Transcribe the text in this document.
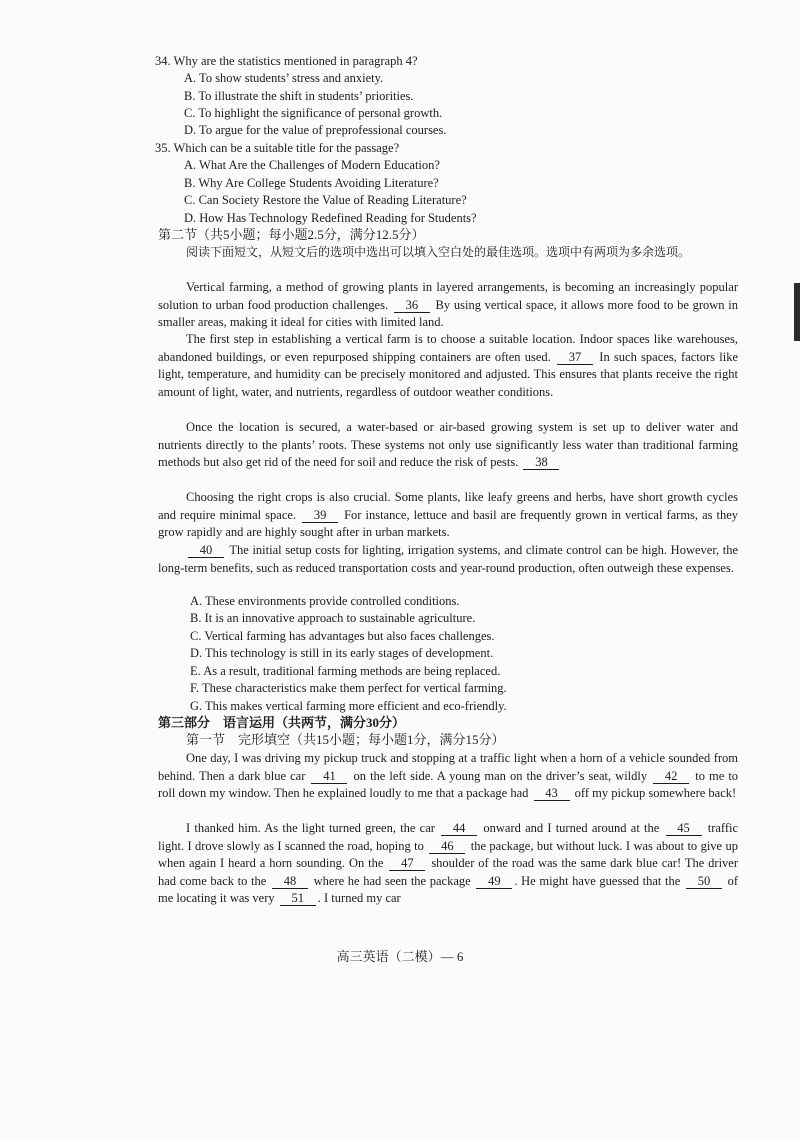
34. Why are the statistics mentioned in paragraph 4?
A. To show students’ stress and anxiety.
B. To illustrate the shift in students’ priorities.
C. To highlight the significance of personal growth.
D. To argue for the value of preprofessional courses.
35. Which can be a suitable title for the passage?
A. What Are the Challenges of Modern Education?
B. Why Are College Students Avoiding Literature?
C. Can Society Restore the Value of Reading Literature?
D. How Has Technology Redefined Reading for Students?
第二节（共5小题；每小题2.5分，满分12.5分）
阅读下面短文，从短文后的选项中选出可以填入空白处的最佳选项。选项中有两项为多余选项。
Vertical farming, a method of growing plants in layered arrangements, is becoming an increasingly popular solution to urban food production challenges. 36 By using vertical space, it allows more food to be grown in smaller areas, making it ideal for cities with limited land.
The first step in establishing a vertical farm is to choose a suitable location. Indoor spaces like warehouses, abandoned buildings, or even repurposed shipping containers are often used. 37 In such spaces, factors like light, temperature, and humidity can be precisely monitored and adjusted. This ensures that plants receive the right amount of light, water, and nutrients, regardless of outdoor weather conditions.
Once the location is secured, a water-based or air-based growing system is set up to deliver water and nutrients directly to the plants’ roots. These systems not only use significantly less water than traditional farming methods but also get rid of the need for soil and reduce the risk of pests. 38
Choosing the right crops is also crucial. Some plants, like leafy greens and herbs, have short growth cycles and require minimal space. 39 For instance, lettuce and basil are frequently grown in vertical farms, as they grow rapidly and are highly sought after in urban markets.
40 The initial setup costs for lighting, irrigation systems, and climate control can be high. However, the long-term benefits, such as reduced transportation costs and year-round production, often outweigh these expenses.
A. These environments provide controlled conditions.
B. It is an innovative approach to sustainable agriculture.
C. Vertical farming has advantages but also faces challenges.
D. This technology is still in its early stages of development.
E. As a result, traditional farming methods are being replaced.
F. These characteristics make them perfect for vertical farming.
G. This makes vertical farming more efficient and eco-friendly.
第三部分　语言运用（共两节，满分30分）
第一节　完形填空（共15小题；每小题1分，满分15分）
One day, I was driving my pickup truck and stopping at a traffic light when a horn of a vehicle sounded from behind. Then a dark blue car 41 on the left side. A young man on the driver’s seat, wildly 42 to me to roll down my window. Then he explained loudly to me that a package had 43 off my pickup somewhere back!
I thanked him. As the light turned green, the car 44 onward and I turned around at the 45 traffic light. I drove slowly as I scanned the road, hoping to 46 the package, but without luck. I was about to give up when again I heard a horn sounding. On the 47 shoulder of the road was the same dark blue car! The driver had come back to the 48 where he had seen the package 49 . He might have guessed that the 50 of me locating it was very 51 . I turned my car
高三英语（二模）— 6
